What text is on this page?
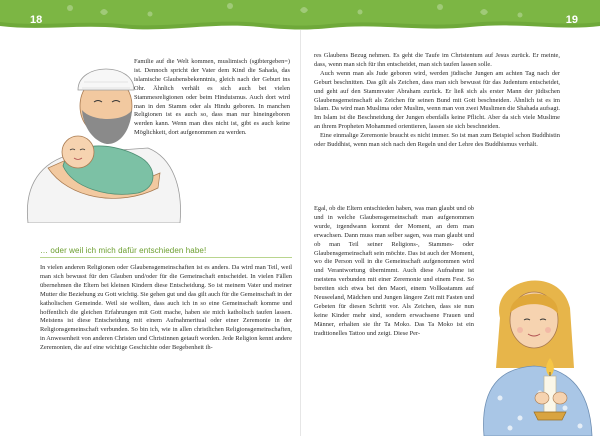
18	19

Familie auf die Welt kommen, muslimisch (sgibtergeben=) ist. Dennoch spricht der Vater dem Kind die Sahada, das islamische Glaubensbekenntnis, gleich nach der Geburt ins Ohr. Ähnlich verhält es sich auch bei vielen Stammesreligionen oder beim Hinduismus. Auch dort wird man in den Stamm oder als Hindu geboren. In manchen Religionen ist es auch so, dass man nur hineingeboren werden kann. Wenn man dies nicht ist, gibt es auch keine Möglichkeit, dort aufgenommen zu werden.

… oder weil ich mich dafür entschieden habe!

In vielen anderen Religionen oder Glaubensgemeinschaften ist es anders. Da wird man Teil, weil man sich bewusst für den Glauben und/oder für die Gemeinschaft entscheidet. In vielen Fällen übernehmen die Eltern bei kleinen Kindern diese Entscheidung. So ist meinem Vater und meiner Mutter die Beziehung zu Gott wichtig. Sie gehen gut und das gilt auch für die Gemeinschaft in der katholischen Gemeinde. Weil sie wollten, dass auch ich in so eine Gemeinschaft komme und hoffentlich die gleichen Erfahrungen mit Gott mache, haben sie mich katholisch taufen lassen. Meistens ist diese Entscheidung mit einem Aufnahmeritual oder einer Zeremonie in der Religionsgemeinschaft verbunden. So bin ich, wie in allen christlichen Religionsgemeinschaften, in Anwesenheit von anderen Christen und Christinnen getauft worden. Jede Religion kennt andere Zeremonien, die auf eine wichtige Geschichte oder Begebenheit ih-

res Glaubens Bezug nehmen. Es geht die Taufe im Christentum auf Jesus zurück. Er meinte, dass, wenn man sich für ihn entscheidet, man sich taufen lassen solle.

Auch wenn man als Jude geboren wird, werden jüdische Jungen am achten Tag nach der Geburt beschnitten. Das gilt als Zeichen, dass man sich bewusst für das Judentum entscheidet, und geht auf den Stammvater Abraham zurück. Er ließ sich als erster Mann der jüdischen Glaubensgemeinschaft als Zeichen für seinen Bund mit Gott beschneiden. Ähnlich ist es im Islam. Da wird man Muslima oder Muslim, wenn man von zwei Muslimen die Shahada aufsagt. Im Islam ist die Beschneidung der Jungen ebenfalls keine Pflicht. Aber da sich viele Muslime an ihrem Propheten Mohammed orientieren, lassen sie sich beschneiden.

Eine einmalige Zeremonie braucht es nicht immer. So ist man zum Beispiel schon Buddhistin oder Buddhist, wenn man sich nach den Regeln und der Lehre des Buddhismus verhält.

Egal, ob die Eltern entschieden haben, was man glaubt und ob und in welche Glaubensgemeinschaft man aufgenommen wurde, irgendwann kommt der Moment, an dem man erwachsen. Dann muss man selber sagen, was man glaubt und ob man Teil seiner Religions-, Stammes- oder Glaubensgemeinschaft sein möchte. Das ist auch der Moment, wo die Person voll in die Gemeinschaft aufgenommen wird und Verantwortung übernimmt. Auch diese Aufnahme ist meistens verbunden mit einer Zeremonie und einem Fest. So bereiten sich etwa bei den Maori, einem Vollksstamm auf Neuseeland, Mädchen und Jungen längere Zeit mit Fasten und Gebeten für diesen Schritt vor. Als Zeichen, dass sie nun keine Kinder mehr sind, sondern erwachsene Frauen und Männer, erhalten sie ihr Ta Moko. Das Ta Moko ist ein traditionelles Tattoo und zeigt. Diese Per-
